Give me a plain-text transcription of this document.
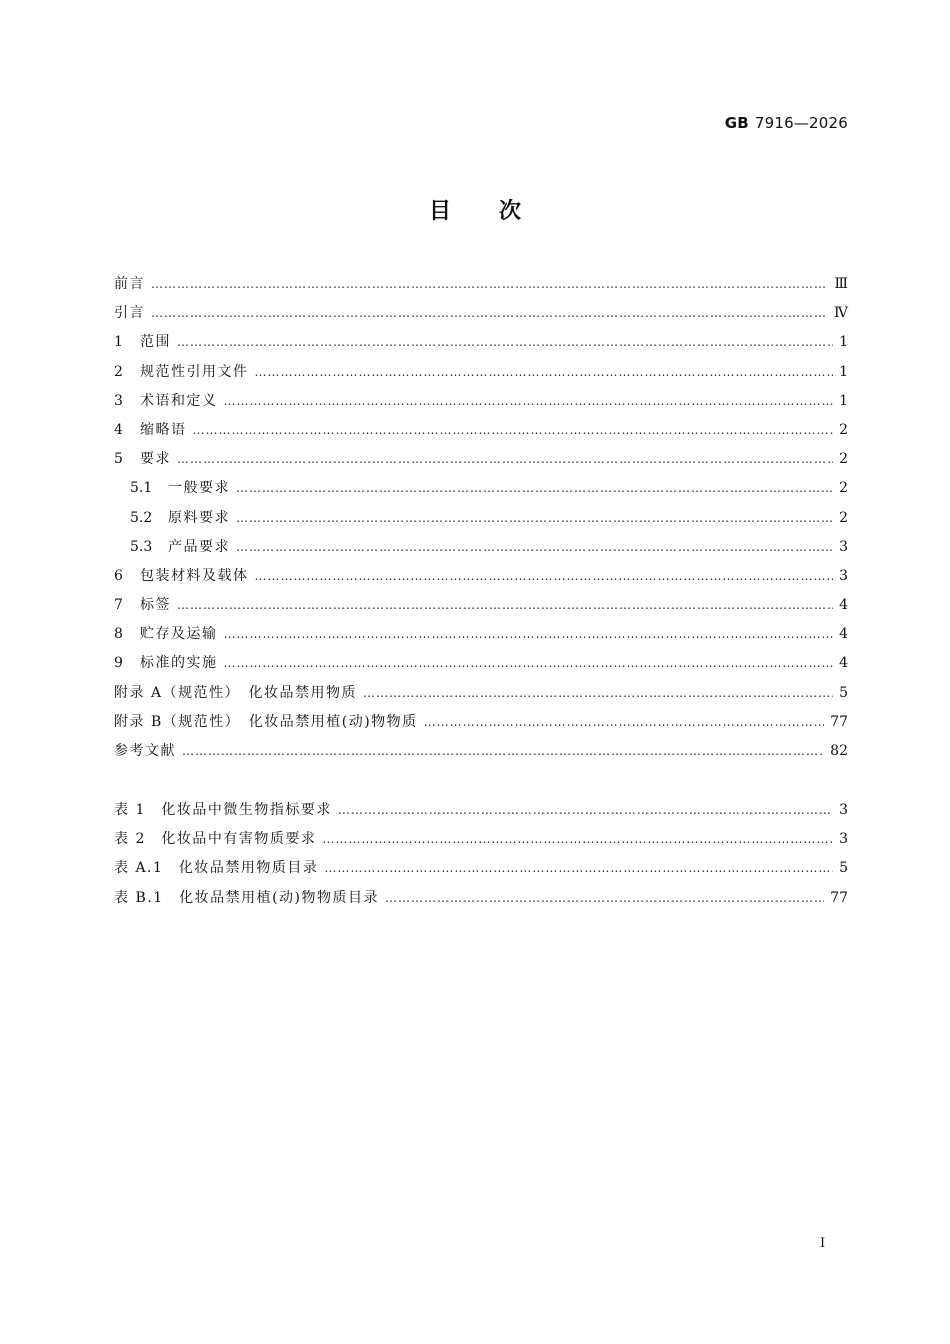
GB 7916—2026
目次
前言 ………………………………………………………………………………………………………………………………………………………………………………………………………………	Ⅲ
引言 ………………………………………………………………………………………………………………………………………………………………………………………………………………	Ⅳ
1 范围 ………………………………………………………………………………………………………………………………………………………………………………………………………………	1
2 规范性引用文件 ………………………………………………………………………………………………………………………………………………………………………………………………………………	1
3 术语和定义 ………………………………………………………………………………………………………………………………………………………………………………………………………………	1
4 缩略语 ………………………………………………………………………………………………………………………………………………………………………………………………………………	2
5 要求 ………………………………………………………………………………………………………………………………………………………………………………………………………………	2
5.1 一般要求 ………………………………………………………………………………………………………………………………………………………………………………………………………………	2
5.2 原料要求 ………………………………………………………………………………………………………………………………………………………………………………………………………………	2
5.3 产品要求 ………………………………………………………………………………………………………………………………………………………………………………………………………………	3
6 包装材料及载体 ………………………………………………………………………………………………………………………………………………………………………………………………………………	3
7 标签 ………………………………………………………………………………………………………………………………………………………………………………………………………………	4
8 贮存及运输 ………………………………………………………………………………………………………………………………………………………………………………………………………………	4
9 标准的实施 ………………………………………………………………………………………………………………………………………………………………………………………………………………	4
附录 A（规范性）　化妆品禁用物质 ………………………………………………………………………………………………………………………………………………………………………………………………………………	5
附录 B（规范性）　化妆品禁用植(动)物物质 ………………………………………………………………………………………………………………………………………………………………………………………………………………	77
参考文献 ………………………………………………………………………………………………………………………………………………………………………………………………………………	82
表 1　化妆品中微生物指标要求 ………………………………………………………………………………………………………………………………………………………………………………………………………………	3
表 2　化妆品中有害物质要求 ………………………………………………………………………………………………………………………………………………………………………………………………………………	3
表 A.1　化妆品禁用物质目录 ………………………………………………………………………………………………………………………………………………………………………………………………………………	5
表 B.1　化妆品禁用植(动)物物质目录 ………………………………………………………………………………………………………………………………………………………………………………………………………………	77
I
